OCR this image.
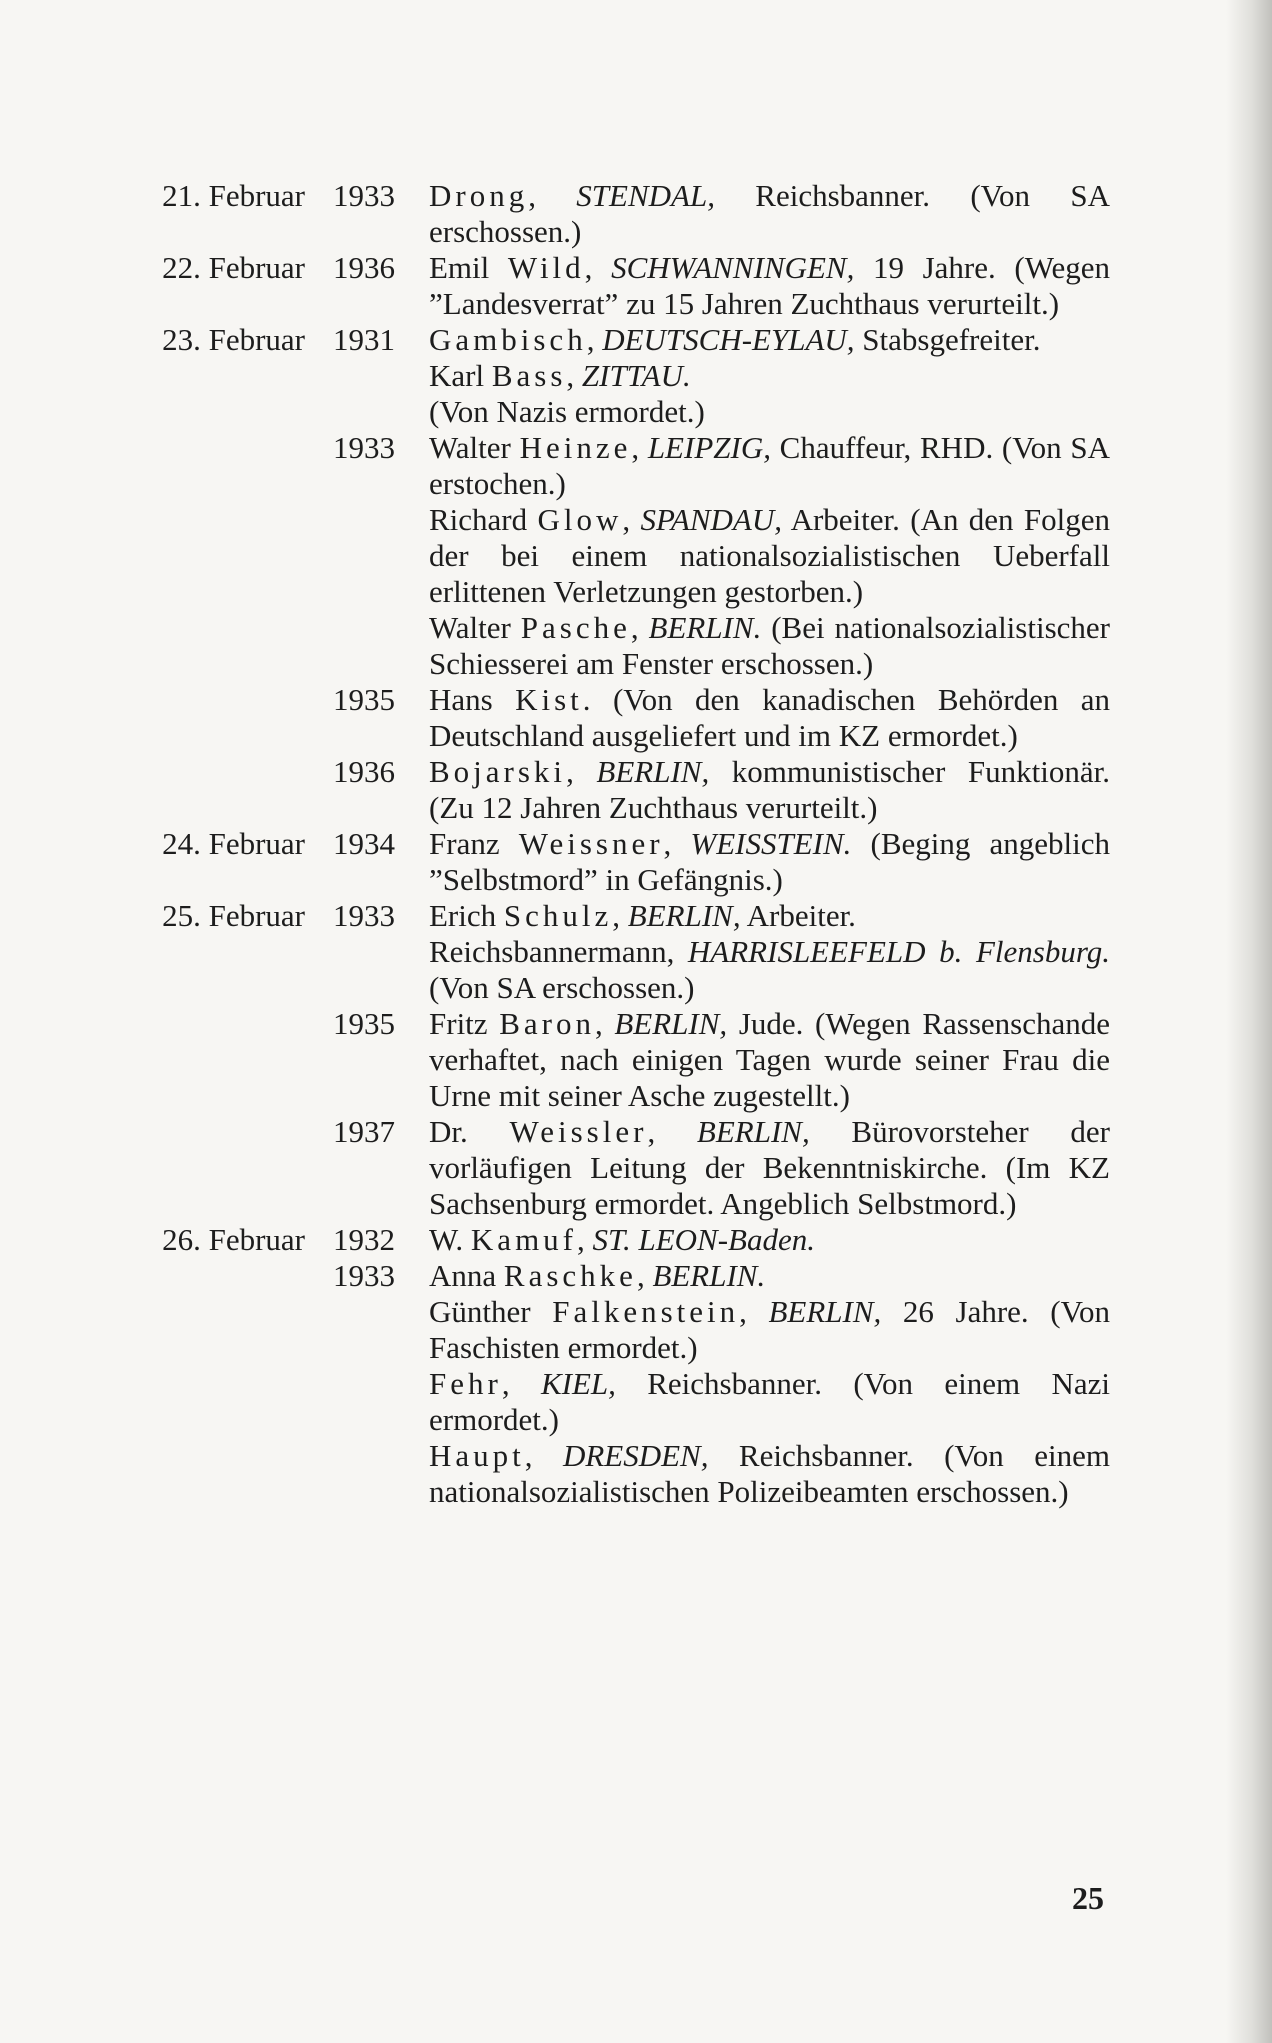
21. Februar 1933 Drong, STENDAL, Reichsbanner. (Von SA erschossen.)
22. Februar 1936 Emil Wild, SCHWANNINGEN, 19 Jahre. (Wegen ”Landesverrat” zu 15 Jahren Zuchthaus verurteilt.)
23. Februar 1931 Gambisch, DEUTSCH-EYLAU, Stabsgefreiter.
Karl Bass, ZITTAU.
(Von Nazis ermordet.)
1933 Walter Heinze, LEIPZIG, Chauffeur, RHD. (Von SA erstochen.)
Richard Glow, SPANDAU, Arbeiter. (An den Folgen der bei einem nationalsozialistischen Ueberfall erlittenen Verletzungen gestorben.)
Walter Pasche, BERLIN. (Bei nationalsozialistischer Schiesserei am Fenster erschossen.)
1935 Hans Kist. (Von den kanadischen Behörden an Deutschland ausgeliefert und im KZ ermordet.)
1936 Bojarski, BERLIN, kommunistischer Funktionär. (Zu 12 Jahren Zuchthaus verurteilt.)
24. Februar 1934 Franz Weissner, WEISSTEIN. (Beging angeblich ”Selbstmord” in Gefängnis.)
25. Februar 1933 Erich Schulz, BERLIN, Arbeiter.
Reichsbannermann, HARRISLEEFELD b. Flensburg. (Von SA erschossen.)
1935 Fritz Baron, BERLIN, Jude. (Wegen Rassenschande verhaftet, nach einigen Tagen wurde seiner Frau die Urne mit seiner Asche zugestellt.)
1937 Dr. Weissler, BERLIN, Bürovorsteher der vorläufigen Leitung der Bekenntniskirche. (Im KZ Sachsenburg ermordet. Angeblich Selbstmord.)
26. Februar 1932 W. Kamuf, ST. LEON-Baden.
1933 Anna Raschke, BERLIN.
Günther Falkenstein, BERLIN, 26 Jahre. (Von Faschisten ermordet.)
Fehr, KIEL, Reichsbanner. (Von einem Nazi ermordet.)
Haupt, DRESDEN, Reichsbanner. (Von einem nationalsozialistischen Polizeibeamten erschossen.)
25
